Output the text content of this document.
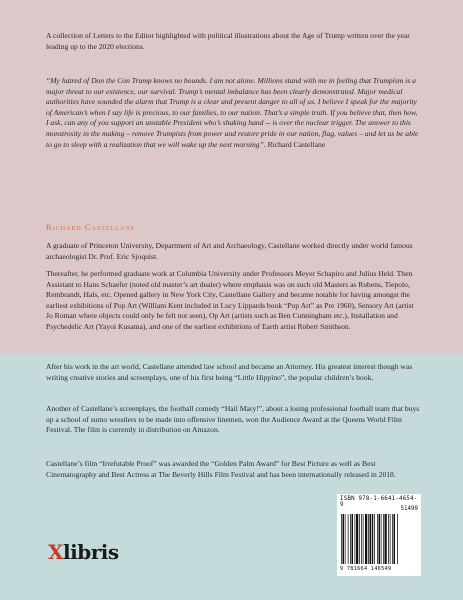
A collection of Letters to the Editor highlighted with political illustrations about the Age of Trump written over the year leading up to the 2020 elections.

“My hatred of Don the Con Trump knows no bounds. I am not alone. Millions stand with me in feeling that Trumpism is a major threat to our existence, our survival. Trump’s mental imbalance has been clearly demonstrated. Major medical authorities have sounded the alarm that Trump is a clear and present danger to all of us. I believe I speak for the majority of American’s when I say life is precious, to our families, to our nation. That’s a simple truth. If you believe that, then how, I ask, can any of you support an unstable President who’s shaking hand -- is over the nuclear trigger. The answer to this monstrosity in the making – remove Trumpists from power and restore pride in our nation, flag, values – and let us be able to go to sleep with a realization that we will wake up the next morning”. Richard Castellane

Richard Castellane

A graduate of Princeton University, Department of Art and Archaeology, Castellane worked directly under world famous archaeologist Dr. Prof. Eric Sjoquist.

Thereafter, he performed graduate work at Columbia University under Professors Meyer Schapiro and Julius Held. Then Assistant to Hans Schaefer (noted old master’s art dealer) where emphasis was on such old Masters as Rubens, Tiepolo, Rembrandt, Hals, etc. Opened gallery in New York City, Castellane Gallery and became notable for having amongst the earliest exhibitions of Pop Art (William Kent included in Lucy Lippards book “Pop Art” as Pre 1960), Sensory Art (artist Jo Roman where objects could only be felt not seen), Op Art (artists such as Ben Cunningham etc.), Installation and Psychedelic Art (Yayoi Kusama), and one of the earliest exhibitions of Earth artist Robert Smithson.

After his work in the art world, Castellane attended law school and became an Attorney. His greatest interest though was writing creative stories and screenplays, one of his first being “Little Hippino”, the popular children’s book.

Another of Castellane’s screenplays, the football comedy “Hail Mary!”, about a losing professional football team that buys up a school of sumo wrestlers to be made into offensive linemen, won the Audience Award at the Queens World Film Festival. The film is currently in distribution on Amazon.

Castellane’s film “Irrefutable Proof” was awarded the “Golden Palm Award” for Best Picture as well as Best Cinematography and Best Actress at The Beverly Hills Film Festival and has been internationally released in 2018.

Xlibris
ISBN 978-1-6641-4654-9
51499
9 781664 146549
